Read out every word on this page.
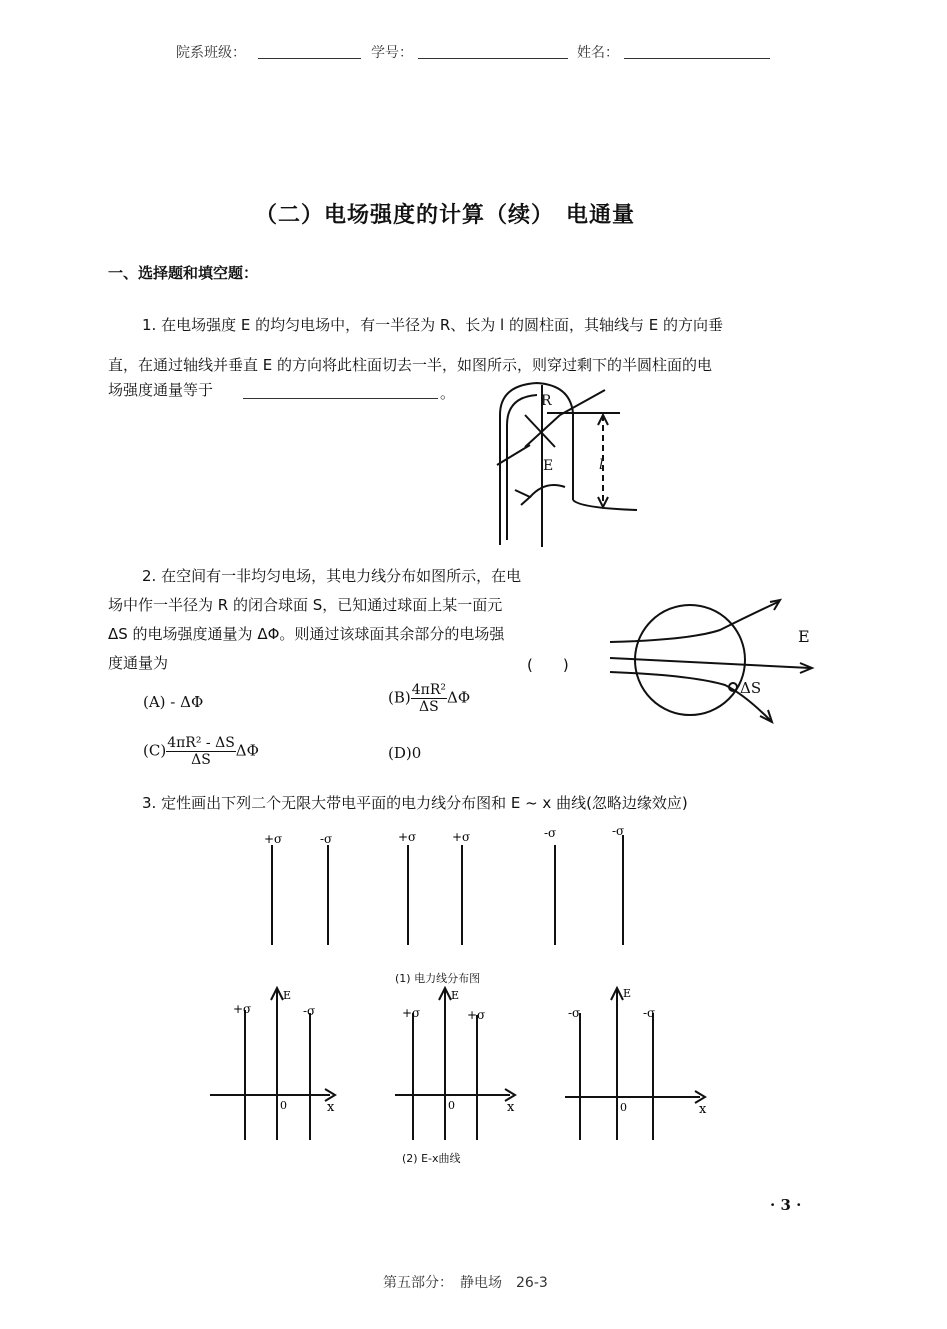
院系班级：	学号：	姓名：
（二）电场强度的计算（续）　电通量
一、选择题和填空题：
1. 在电场强度 E 的均匀电场中，有一半径为 R、长为 l 的圆柱面，其轴线与 E 的方向垂
直，在通过轴线并垂直 E 的方向将此柱面切去一半，如图所示，则穿过剩下的半圆柱面的电
场强度通量等于	。	R
E	l
2. 在空间有一非均匀电场，其电力线分布如图所示，在电
场中作一半径为 R 的闭合球面 S，已知通过球面上某一面元
ΔS 的电场强度通量为 ΔΦ。则通过该球面其余部分的电场强
度通量为	(　　)
(A) - ΔΦ	$(B) \frac{\text{4πR²}}{\Delta S}$ ΔΦ
$(C) \frac{\text{4πR² - ΔS}}{\Delta S}$ ΔΦ	(D)0
E
ΔS
3. 定性画出下列二个无限大带电平面的电力线分布图和 E ~ x 曲线(忽略边缘效应)
+σ	-σ	+σ	+σ	-σ	-σ
(1) 电力线分布图
+σ
E
-σ
0	x
+σ
E
+σ
0	x
-σ
E
-σ
0	x
(2) E-x曲线
· 3 ·
第五部分：　静电场　26-3
